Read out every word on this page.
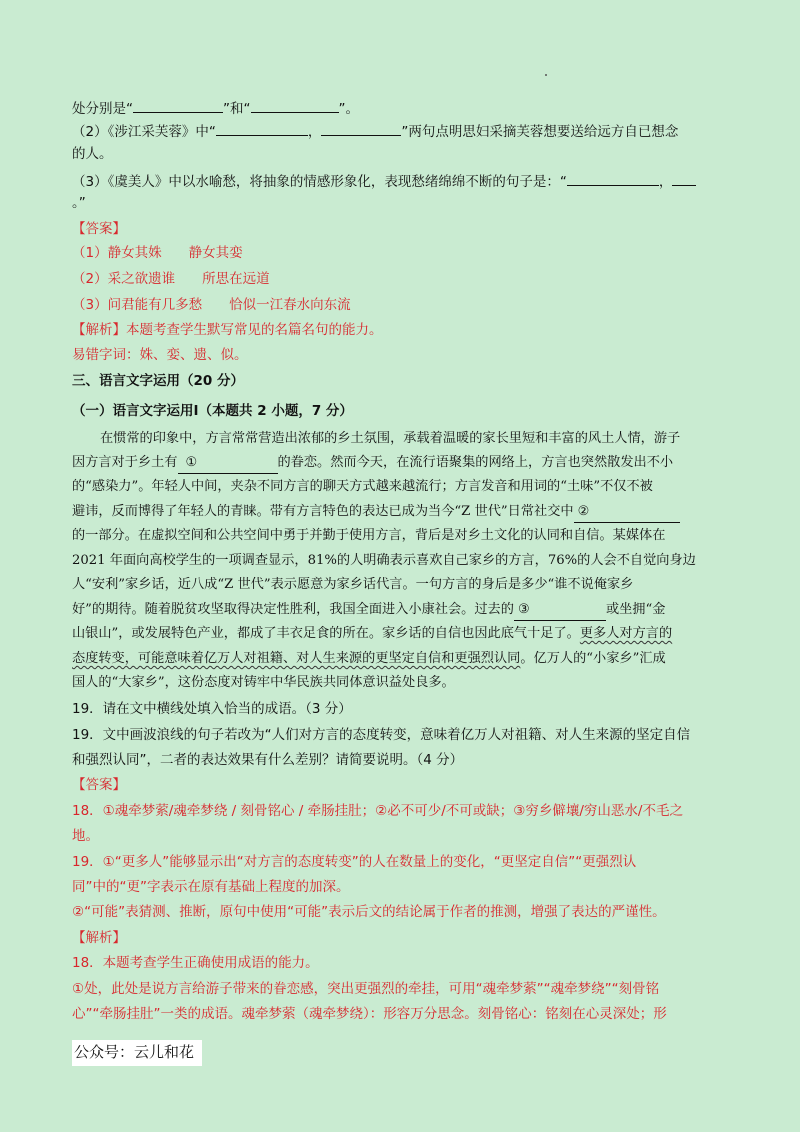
处分别是“	”和“	”。
（2）《涉江采芙蓉》中“	，	”两句点明思妇采摘芙蓉想要送给远方自已想念
的人。
（3）《虞美人》中以水喻愁，将抽象的情感形象化，表现愁绪绵绵不断的句子是：“	，
。”
【答案】
（1）静女其姝　　静女其娈
（2）采之欲遗谁　　所思在远道
（3）问君能有几多愁　　恰似一江春水向东流
【解析】本题考查学生默写常见的名篇名句的能力。
易错字词：姝、娈、遗、似。
三、语言文字运用（20 分）
（一）语言文字运用Ⅰ（本题共 2 小题，7 分）
在惯常的印象中，方言常常营造出浓郁的乡土氛围，承载着温暖的家长里短和丰富的风土人情，游子
因方言对于乡土有 ①	的眷恋。然而今天，在流行语聚集的网络上，方言也突然散发出不小
的“感染力”。年轻人中间，夹杂不同方言的聊天方式越来越流行；方言发音和用词的“土味”不仅不被
避讳，反而博得了年轻人的青睐。带有方言特色的表达已成为当今“Z 世代”日常社交中 ②
的一部分。在虚拟空间和公共空间中勇于并勤于使用方言，背后是对乡土文化的认同和自信。某媒体在
2021 年面向高校学生的一项调查显示，81%的人明确表示喜欢自己家乡的方言，76%的人会不自觉向身边
人“安利”家乡话，近八成“Z 世代”表示愿意为家乡话代言。一句方言的身后是多少“谁不说俺家乡
好”的期待。随着脱贫攻坚取得决定性胜利，我国全面进入小康社会。过去的 ③	或坐拥“金
山银山”，或发展特色产业，都成了丰衣足食的所在。家乡话的自信也因此底气十足了。更多人对方言的
态度转变，可能意味着亿万人对祖籍、对人生来源的更坚定自信和更强烈认同。亿万人的“小家乡”汇成
国人的“大家乡”，这份态度对铸牢中华民族共同体意识益处良多。
19．请在文中横线处填入恰当的成语。（3 分）
19．文中画波浪线的句子若改为“人们对方言的态度转变，意味着亿万人对祖籍、对人生来源的坚定自信
和强烈认同”，二者的表达效果有什么差别？请简要说明。（4 分）
【答案】
18．①魂牵梦萦/魂牵梦绕 / 刻骨铭心 / 牵肠挂肚；②必不可少/不可或缺；③穷乡僻壤/穷山恶水/不毛之
地。
19．①“更多人”能够显示出“对方言的态度转变”的人在数量上的变化，“更坚定自信”“更强烈认
同”中的“更”字表示在原有基础上程度的加深。
②“可能”表猜测、推断，原句中使用“可能”表示后文的结论属于作者的推测，增强了表达的严谨性。
【解析】
18．本题考查学生正确使用成语的能力。
①处，此处是说方言给游子带来的眷恋感，突出更强烈的牵挂，可用“魂牵梦萦”“魂牵梦绕”“刻骨铭
心”“牵肠挂肚”一类的成语。魂牵梦萦（魂牵梦绕）：形容万分思念。刻骨铭心：铭刻在心灵深处；形
公众号：云儿和花
